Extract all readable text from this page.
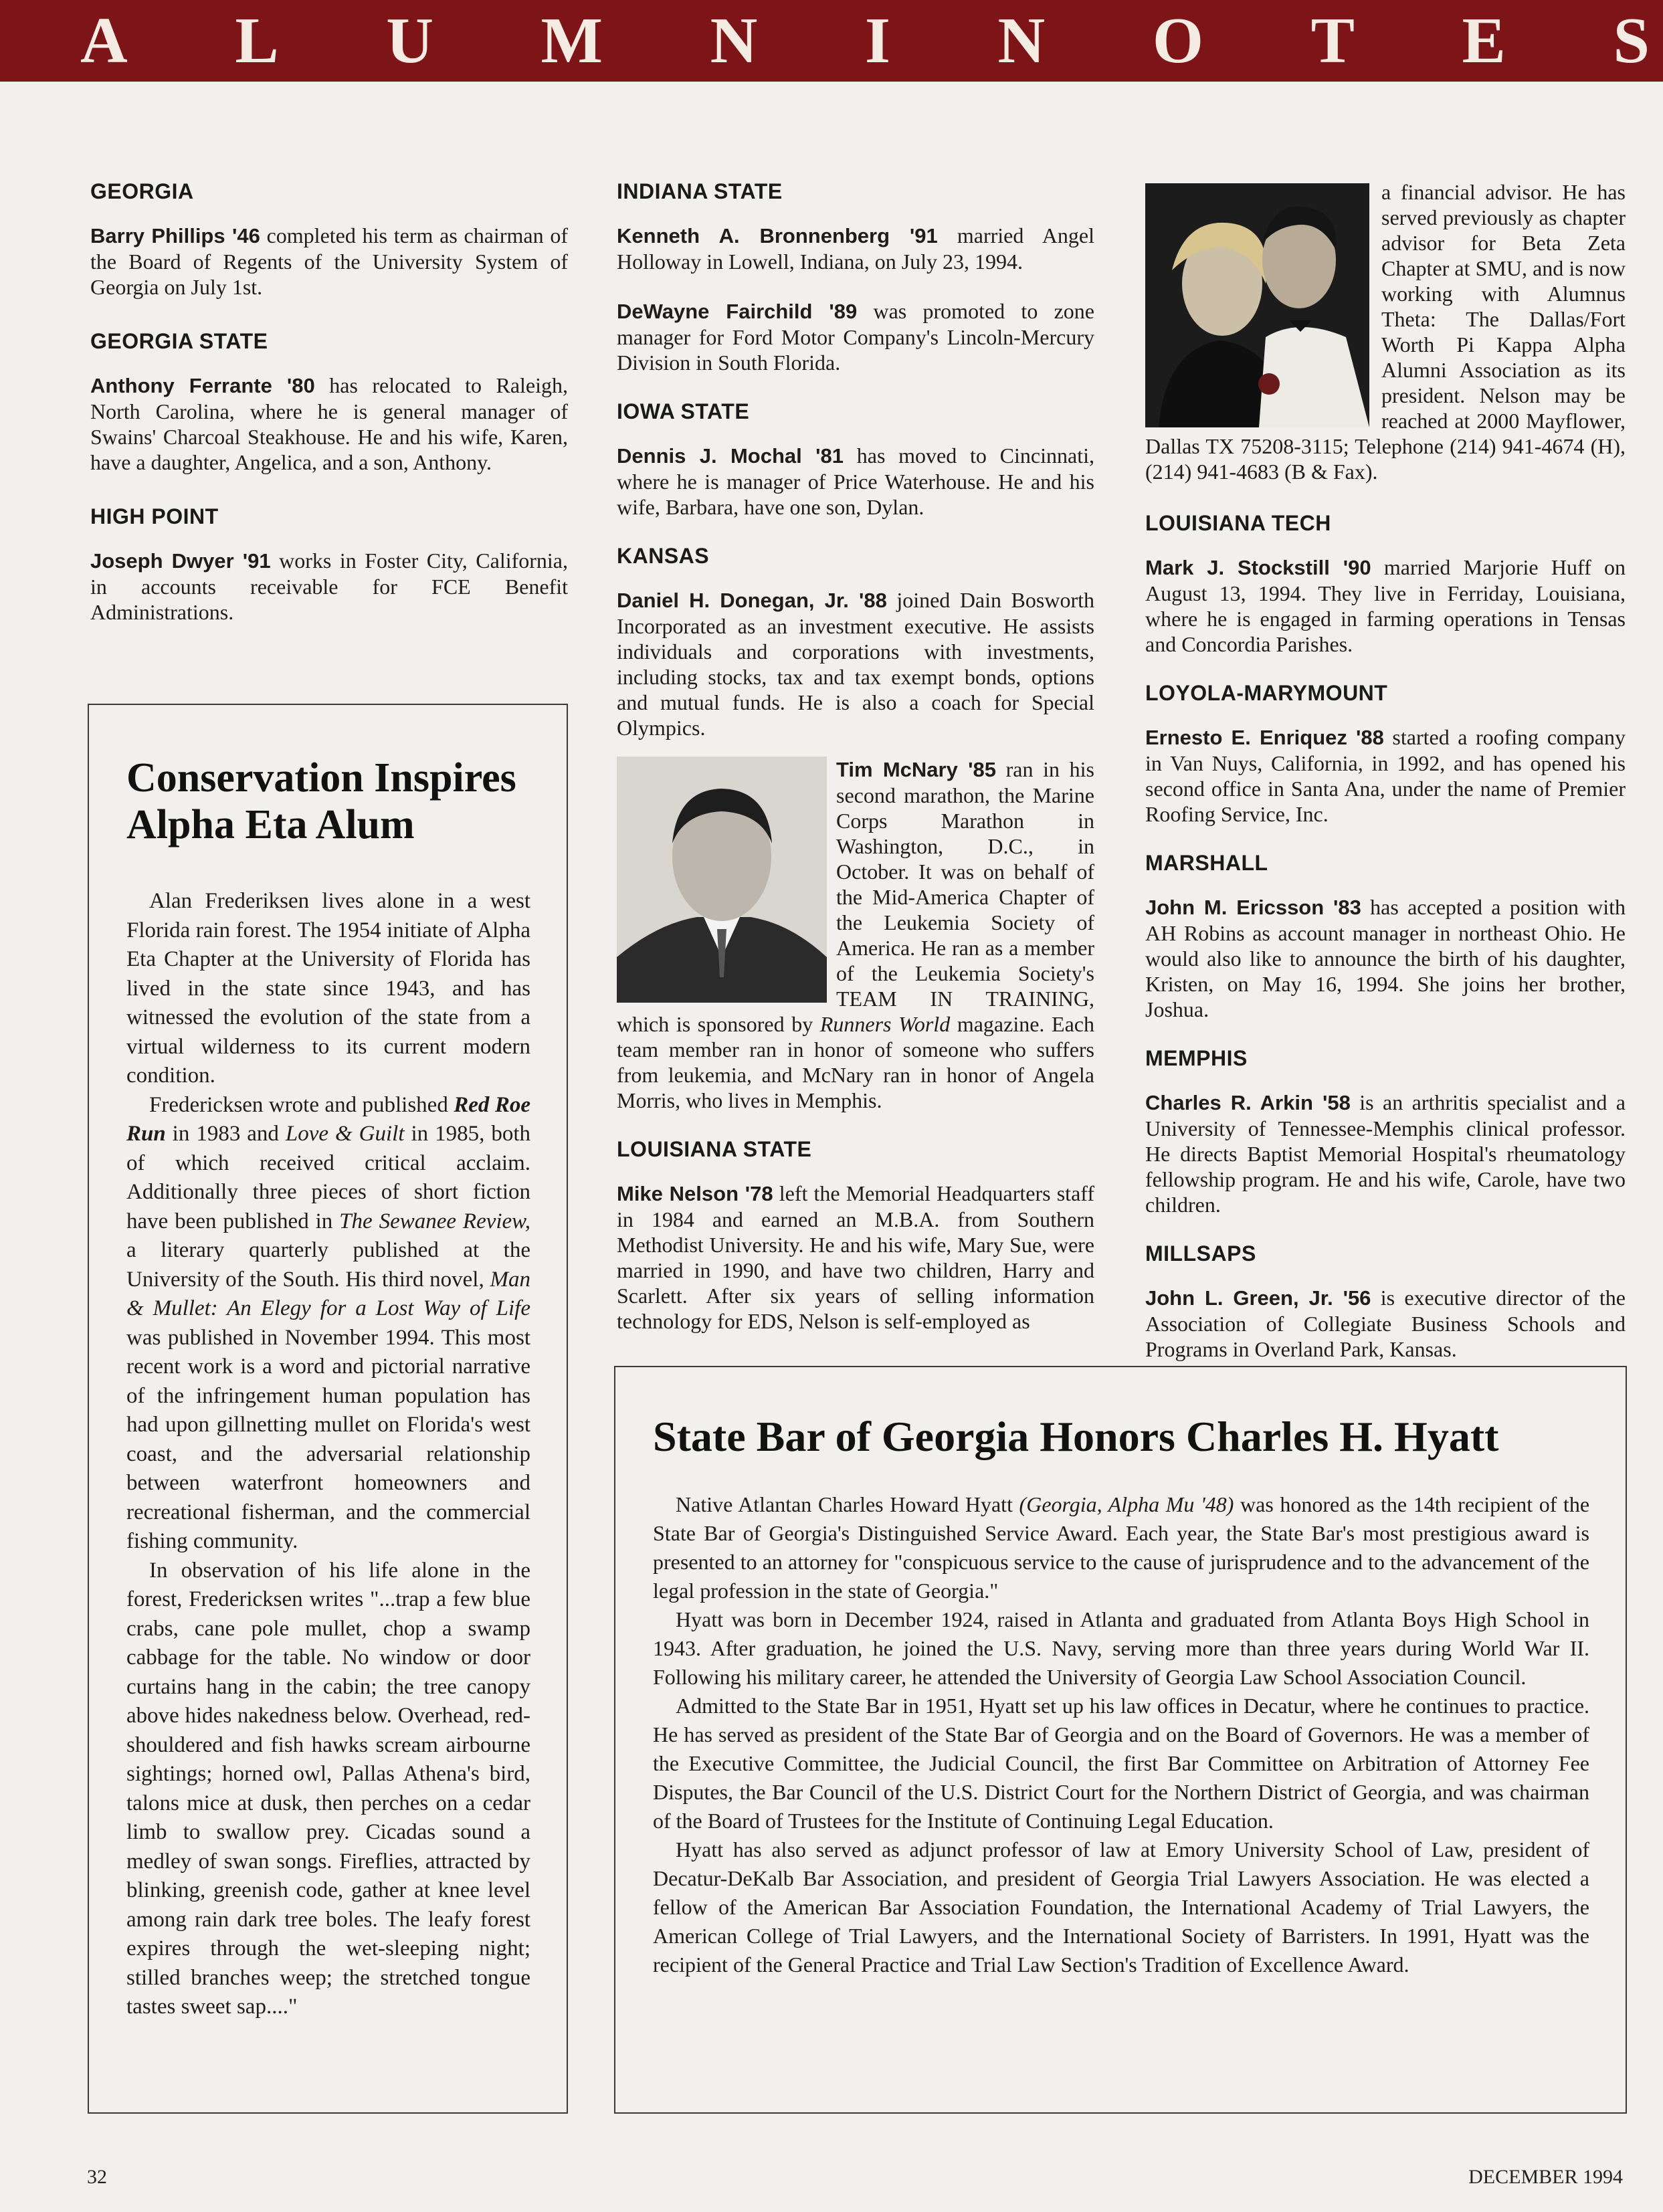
A L U M N I N O T E S
GEORGIA

Barry Phillips '46 completed his term as chairman of the Board of Regents of the University System of Georgia on July 1st.

GEORGIA STATE

Anthony Ferrante '80 has relocated to Raleigh, North Carolina, where he is general manager of Swains' Charcoal Steakhouse. He and his wife, Karen, have a daughter, Angelica, and a son, Anthony.

HIGH POINT

Joseph Dwyer '91 works in Foster City, California, in accounts receivable for FCE Benefit Administrations.

Conservation Inspires
Alpha Eta Alum

Alan Frederiksen lives alone in a west Florida rain forest. The 1954 initiate of Alpha Eta Chapter at the University of Florida has lived in the state since 1943, and has witnessed the evolution of the state from a virtual wilderness to its current modern condition.

Fredericksen wrote and published Red Roe Run in 1983 and Love & Guilt in 1985, both of which received critical acclaim. Additionally three pieces of short fiction have been published in The Sewanee Review, a literary quarterly published at the University of the South. His third novel, Man & Mullet: An Elegy for a Lost Way of Life was published in November 1994. This most recent work is a word and pictorial narrative of the infringement human population has had upon gillnetting mullet on Florida's west coast, and the adversarial relationship between waterfront homeowners and recreational fisherman, and the commercial fishing community.

In observation of his life alone in the forest, Fredericksen writes "...trap a few blue crabs, cane pole mullet, chop a swamp cabbage for the table. No window or door curtains hang in the cabin; the tree canopy above hides nakedness below. Overhead, red-shouldered and fish hawks scream airbourne sightings; horned owl, Pallas Athena's bird, talons mice at dusk, then perches on a cedar limb to swallow prey. Cicadas sound a medley of swan songs. Fireflies, attracted by blinking, greenish code, gather at knee level among rain dark tree boles. The leafy forest expires through the wet-sleeping night; stilled branches weep; the stretched tongue tastes sweet sap...."

INDIANA STATE

Kenneth A. Bronnenberg '91 married Angel Holloway in Lowell, Indiana, on July 23, 1994.

DeWayne Fairchild '89 was promoted to zone manager for Ford Motor Company's Lincoln-Mercury Division in South Florida.

IOWA STATE

Dennis J. Mochal '81 has moved to Cincinnati, where he is manager of Price Waterhouse. He and his wife, Barbara, have one son, Dylan.

KANSAS

Daniel H. Donegan, Jr. '88 joined Dain Bosworth Incorporated as an investment executive. He assists individuals and corporations with investments, including stocks, tax and tax exempt bonds, options and mutual funds. He is also a coach for Special Olympics.

Tim McNary '85 ran in his second marathon, the Marine Corps Marathon in Washington, D.C., in October. It was on behalf of the Mid-America Chapter of the Leukemia Society of America. He ran as a member of the Leukemia Society's TEAM IN TRAINING, which is sponsored by Runners World magazine. Each team member ran in honor of someone who suffers from leukemia, and McNary ran in honor of Angela Morris, who lives in Memphis.

LOUISIANA STATE

Mike Nelson '78 left the Memorial Headquarters staff in 1984 and earned an M.B.A. from Southern Methodist University. He and his wife, Mary Sue, were married in 1990, and have two children, Harry and Scarlett. After six years of selling information technology for EDS, Nelson is self-employed as

a financial advisor. He has served previously as chapter advisor for Beta Zeta Chapter at SMU, and is now working with Alumnus Theta: The Dallas/Fort Worth Pi Kappa Alpha Alumni Association as its president. Nelson may be reached at 2000 Mayflower, Dallas TX 75208-3115; Telephone (214) 941-4674 (H), (214) 941-4683 (B & Fax).

LOUISIANA TECH

Mark J. Stockstill '90 married Marjorie Huff on August 13, 1994. They live in Ferriday, Louisiana, where he is engaged in farming operations in Tensas and Concordia Parishes.

LOYOLA-MARYMOUNT

Ernesto E. Enriquez '88 started a roofing company in Van Nuys, California, in 1992, and has opened his second office in Santa Ana, under the name of Premier Roofing Service, Inc.

MARSHALL

John M. Ericsson '83 has accepted a position with AH Robins as account manager in northeast Ohio. He would also like to announce the birth of his daughter, Kristen, on May 16, 1994. She joins her brother, Joshua.

MEMPHIS

Charles R. Arkin '58 is an arthritis specialist and a University of Tennessee-Memphis clinical professor. He directs Baptist Memorial Hospital's rheumatology fellowship program. He and his wife, Carole, have two children.

MILLSAPS

John L. Green, Jr. '56 is executive director of the Association of Collegiate Business Schools and Programs in Overland Park, Kansas.

State Bar of Georgia Honors Charles H. Hyatt

Native Atlantan Charles Howard Hyatt (Georgia, Alpha Mu '48) was honored as the 14th recipient of the State Bar of Georgia's Distinguished Service Award. Each year, the State Bar's most prestigious award is presented to an attorney for "conspicuous service to the cause of jurisprudence and to the advancement of the legal profession in the state of Georgia."

Hyatt was born in December 1924, raised in Atlanta and graduated from Atlanta Boys High School in 1943. After graduation, he joined the U.S. Navy, serving more than three years during World War II. Following his military career, he attended the University of Georgia Law School Association Council.

Admitted to the State Bar in 1951, Hyatt set up his law offices in Decatur, where he continues to practice. He has served as president of the State Bar of Georgia and on the Board of Governors. He was a member of the Executive Committee, the Judicial Council, the first Bar Committee on Arbitration of Attorney Fee Disputes, the Bar Council of the U.S. District Court for the Northern District of Georgia, and was chairman of the Board of Trustees for the Institute of Continuing Legal Education.

Hyatt has also served as adjunct professor of law at Emory University School of Law, president of Decatur-DeKalb Bar Association, and president of Georgia Trial Lawyers Association. He was elected a fellow of the American Bar Association Foundation, the International Academy of Trial Lawyers, the American College of Trial Lawyers, and the International Society of Barristers. In 1991, Hyatt was the recipient of the General Practice and Trial Law Section's Tradition of Excellence Award.

32	DECEMBER 1994
